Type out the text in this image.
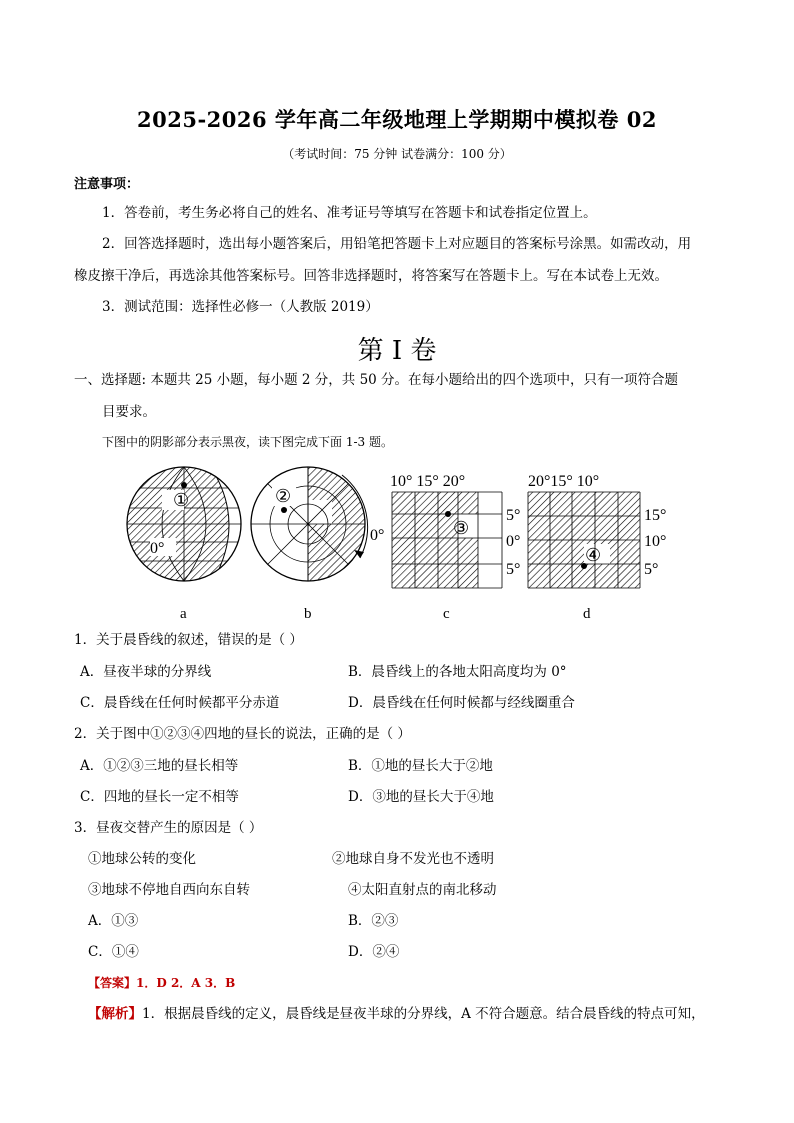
2025-2026 学年高二年级地理上学期期中模拟卷 02
（考试时间：75 分钟 试卷满分：100 分）
注意事项：
1．答卷前，考生务必将自己的姓名、准考证号等填写在答题卡和试卷指定位置上。
2．回答选择题时，选出每小题答案后，用铅笔把答题卡上对应题目的答案标号涂黑。如需改动，用
橡皮擦干净后，再选涂其他答案标号。回答非选择题时，将答案写在答题卡上。写在本试卷上无效。
3．测试范围：选择性必修一（人教版 2019）
第 I 卷
一、选择题: 本题共 25 小题，每小题 2 分，共 50 分。在每小题给出的四个选项中，只有一项符合题
目要求。
下图中的阴影部分表示黑夜，读下图完成下面 1-3 题。
①
0°
②
0°
10° 15° 20°
③
5°
0°
5°
20°15° 10°
④
15°
10°
5°
a	b	c	d
1．关于晨昏线的叙述，错误的是（ ）
A．昼夜半球的分界线	B．晨昏线上的各地太阳高度均为 0°
C．晨昏线在任何时候都平分赤道	D．晨昏线在任何时候都与经线圈重合
2．关于图中①②③④四地的昼长的说法，正确的是（ ）
A．①②③三地的昼长相等	B．①地的昼长大于②地
C．四地的昼长一定不相等	D．③地的昼长大于④地
3．昼夜交替产生的原因是（ ）
①地球公转的变化	②地球自身不发光也不透明
③地球不停地自西向东自转	④太阳直射点的南北移动
A．①③	B．②③
C．①④	D．②④
【答案】1．D 2．A 3．B
【解析】1．根据晨昏线的定义，晨昏线是昼夜半球的分界线，A 不符合题意。结合晨昏线的特点可知，
